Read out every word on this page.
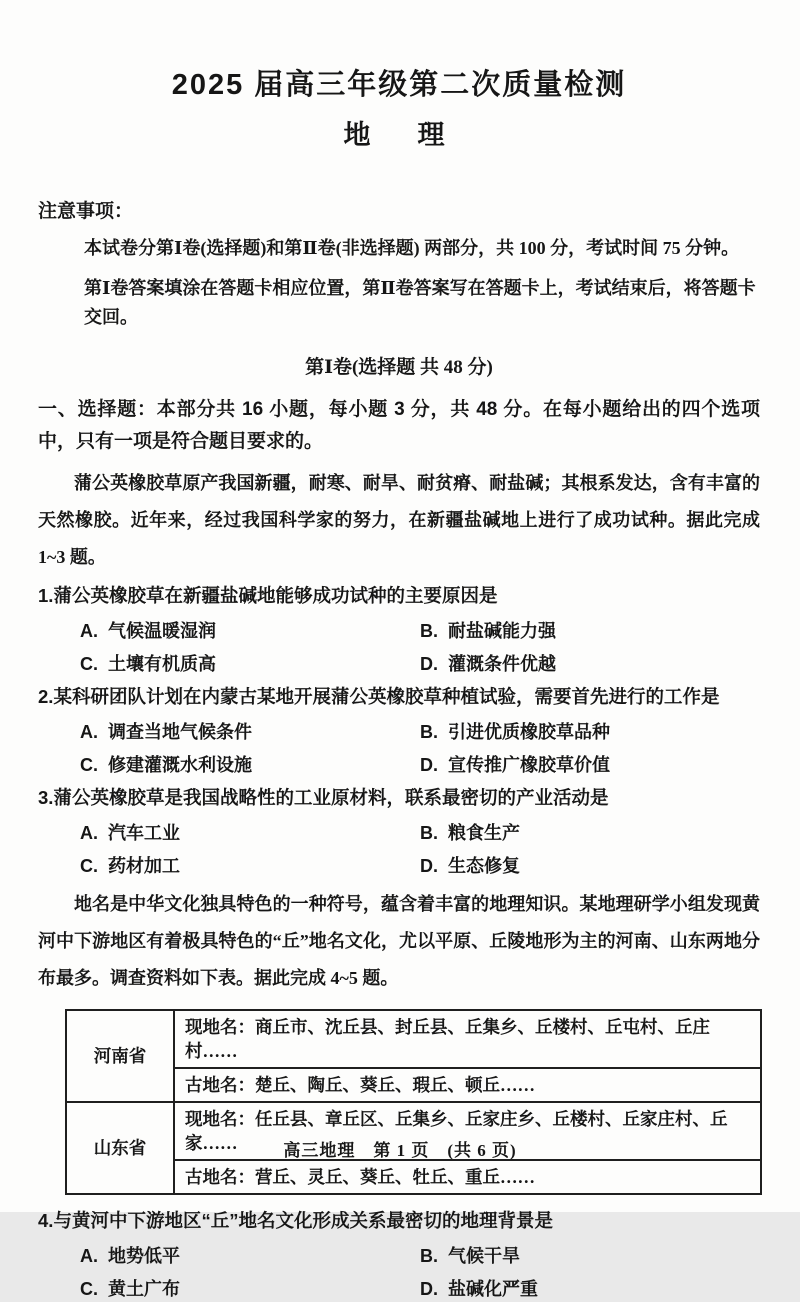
2025 届高三年级第二次质量检测
地　理
注意事项：

本试卷分第Ⅰ卷(选择题)和第Ⅱ卷(非选择题) 两部分，共 100 分，考试时间 75 分钟。

第Ⅰ卷答案填涂在答题卡相应位置，第Ⅱ卷答案写在答题卡上，考试结束后，将答题卡交回。

第Ⅰ卷(选择题 共 48 分)

一、选择题：本部分共 16 小题，每小题 3 分，共 48 分。在每小题给出的四个选项中，只有一项是符合题目要求的。

蒲公英橡胶草原产我国新疆，耐寒、耐旱、耐贫瘠、耐盐碱；其根系发达，含有丰富的天然橡胶。近年来，经过我国科学家的努力，在新疆盐碱地上进行了成功试种。据此完成 1~3 题。

1.蒲公英橡胶草在新疆盐碱地能够成功试种的主要原因是

A. 气候温暖湿润	B. 耐盐碱能力强
C. 土壤有机质高	D. 灌溉条件优越

2.某科研团队计划在内蒙古某地开展蒲公英橡胶草种植试验，需要首先进行的工作是

A. 调查当地气候条件	B. 引进优质橡胶草品种
C. 修建灌溉水利设施	D. 宣传推广橡胶草价值

3.蒲公英橡胶草是我国战略性的工业原材料，联系最密切的产业活动是

A. 汽车工业	B. 粮食生产
C. 药材加工	D. 生态修复

地名是中华文化独具特色的一种符号，蕴含着丰富的地理知识。某地理研学小组发现黄河中下游地区有着极具特色的“丘”地名文化，尤以平原、丘陵地形为主的河南、山东两地分布最多。调查资料如下表。据此完成 4~5 题。

河南省	现地名：商丘市、沈丘县、封丘县、丘集乡、丘楼村、丘屯村、丘庄村……
	古地名：楚丘、陶丘、葵丘、瑕丘、顿丘……
山东省	现地名：任丘县、章丘区、丘集乡、丘家庄乡、丘楼村、丘家庄村、丘家……
	古地名：营丘、灵丘、葵丘、牡丘、重丘……

4.与黄河中下游地区“丘”地名文化形成关系最密切的地理背景是

A. 地势低平	B. 气候干旱
C. 黄土广布	D. 盐碱化严重
高三地理　第 1 页　(共 6 页)
